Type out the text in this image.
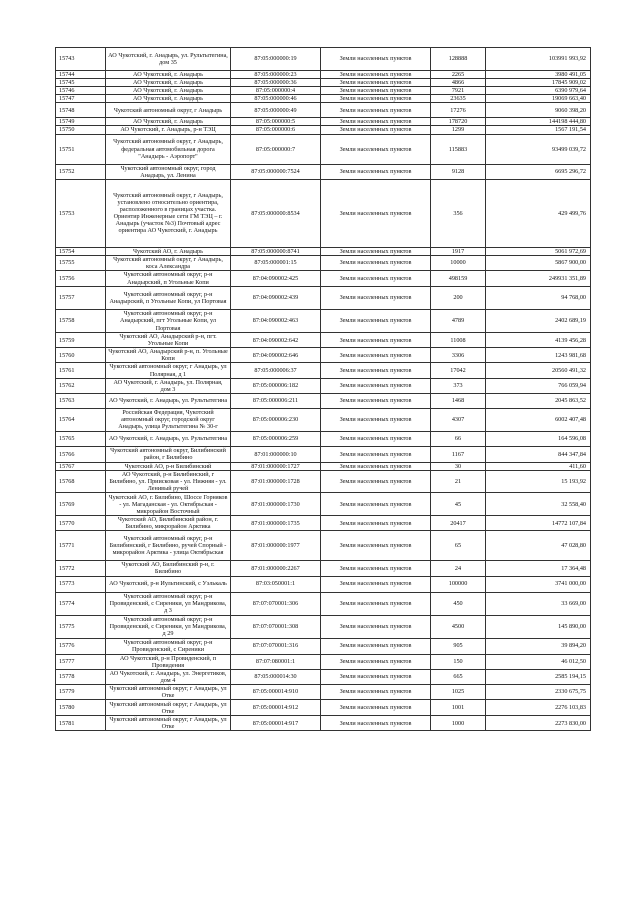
15743	АО Чукотский, г. Анадырь, ул. Рультытегина, дом 35	87:05:000000:19	Земли населенных пунктов	128888	103991 993,92
15744	АО Чукотский, г. Анадырь	87:05:000000:23	Земли населенных пунктов	2265	3980 491,05
15745	АО Чукотский, г. Анадырь	87:05:000000:36	Земли населенных пунктов	4866	17845 909,02
15746	АО Чукотский, г. Анадырь	87:05:000000:4	Земли населенных пунктов	7921	6390 979,64
15747	АО Чукотский, г. Анадырь	87:05:000000:46	Земли населенных пунктов	23635	19069 663,40
15748	Чукотский автономный округ, г Анадырь	87:05:000000:49	Земли населенных пунктов	17276	9060 398,20
15749	АО Чукотский, г. Анадырь	87:05:000000:5	Земли населенных пунктов	178720	144198 444,80
15750	АО Чукотский, г. Анадырь, р-н ТЭЦ	87:05:000000:6	Земли населенных пунктов	1299	1567 191,54
15751	Чукотский автономный округ, г Анадырь, федеральная автомобильная дорога "Анадырь - Аэропорт"	87:05:000000:7	Земли населенных пунктов	115883	93499 039,72
15752	Чукотский автономный округ, город Анадырь, ул. Ленина	87:05:000000:7524	Земли населенных пунктов	9128	6695 296,72
15753	Чукотский автономный округ, г Анадырь, установлено относительно ориентира, расположенного в границах участка. Ориентир Инженерные сети ГМ ТЭЦ – г. Анадырь (участок №3) Почтовый адрес ориентира АО Чукотский, г. Анадырь	87:05:000000:8534	Земли населенных пунктов	356	429 499,76
15754	Чукотский АО, г. Анадырь	87:05:000000:8741	Земли населенных пунктов	1917	5061 972,69
15755	Чукотский автономный округ, г Анадырь, коса Александра	87:05:000001:15	Земли населенных пунктов	10000	5867 900,00
15756	Чукотский автономный округ, р-н Анадырский, п Угольные Копи	87:04:090002:425	Земли населенных пунктов	498159	249931 351,89
15757	Чукотский автономный округ, р-н Анадырский, п Угольные Копи, ул Портовая	87:04:090002:439	Земли населенных пунктов	200	94 768,00
15758	Чукотский автономный округ, р-н Анадырский, пгт Угольные Копи, ул Портовая	87:04:090002:463	Земли населенных пунктов	4789	2402 689,19
15759	Чукотский АО, Анадырский р-н, пгт. Угольные Копи	87:04:090002:642	Земли населенных пунктов	11008	4139 456,28
15760	Чукотский АО, Анадырский р-н, п. Угольные Копи	87:04:090002:646	Земли населенных пунктов	3306	1243 981,68
15761	Чукотский автономный округ, г Анадырь, ул Полярная, д 1	87:05:000006:37	Земли населенных пунктов	17042	20560 491,32
15762	АО Чукотский, г. Анадырь, ул. Полярная, дом 3	87:05:000006:182	Земли населенных пунктов	373	766 059,94
15763	АО Чукотский, г. Анадырь, ул. Рультытегина	87:05:000006:211	Земли населенных пунктов	1468	2045 863,52
15764	Российская Федерация, Чукотский автономный округ, городской округ Анадырь, улица Рультытегина № 30-г	87:05:000006:230	Земли населенных пунктов	4307	6002 407,48
15765	АО Чукотский, г. Анадырь, ул. Рультытегина	87:05:000006:259	Земли населенных пунктов	66	164 596,08
15766	Чукотский автономный округ, Билибинский район, г Билибино	87:01:000000:10	Земли населенных пунктов	1167	844 347,84
15767	Чукотский АО, р-н Билибинский	87:01:000000:1727	Земли населенных пунктов	30	411,60
15768	АО Чукотский, р-н Билибинский, г Билибино, ул. Приисковая - ул. Нижняя - ул. Ленивый ручей	87:01:000000:1728	Земли населенных пунктов	21	15 193,92
15769	Чукотский АО, г. Билибино, Шоссе Горняков - ул. Магаданская - ул. Октябрьская - микрорайон Восточный	87:01:000000:1730	Земли населенных пунктов	45	32 558,40
15770	Чукотский АО, Билибинский район, г. Билибино, микрорайон Арктика	87:01:000000:1735	Земли населенных пунктов	20417	14772 107,84
15771	Чукотский автономный округ, р-н Билибинский, г Билибино, ручей Спорный - микрорайон Арктика - улица Октябрьская	87:01:000000:1977	Земли населенных пунктов	65	47 028,80
15772	Чукотский АО, Билибинский р-н, г. Билибино	87:01:000000:2267	Земли населенных пунктов	24	17 364,48
15773	АО Чукотский, р-н Иультинский, с Уэлькаль	87:03:050001:1	Земли населенных пунктов	100000	3741 000,00
15774	Чукотский автономный округ, р-н Провиденский, с Сиреники, ул Мандрикова, д 3	87:07:070001:306	Земли населенных пунктов	450	33 669,00
15775	Чукотский автономный округ, р-н Провиденский, с Сиреники, ул Мандрикова, д 29	87:07:070001:308	Земли населенных пунктов	4500	145 890,00
15776	Чукотский автономный округ, р-н Провиденский, с Сиреники	87:07:070001:316	Земли населенных пунктов	905	39 894,20
15777	АО Чукотский, р-н Провиденский, п Провидения	87:07:080001:1	Земли населенных пунктов	150	46 012,50
15778	АО Чукотский, г. Анадырь, ул. Энергетиков, дом 4	87:05:000014:30	Земли населенных пунктов	665	2585 194,15
15779	Чукотский автономный округ, г Анадырь, ул Отке	87:05:000014:910	Земли населенных пунктов	1025	2330 675,75
15780	Чукотский автономный округ, г Анадырь, ул Отке	87:05:000014:912	Земли населенных пунктов	1001	2276 103,83
15781	Чукотский автономный округ, г Анадырь, ул Отке	87:05:000014:917	Земли населенных пунктов	1000	2273 830,00
